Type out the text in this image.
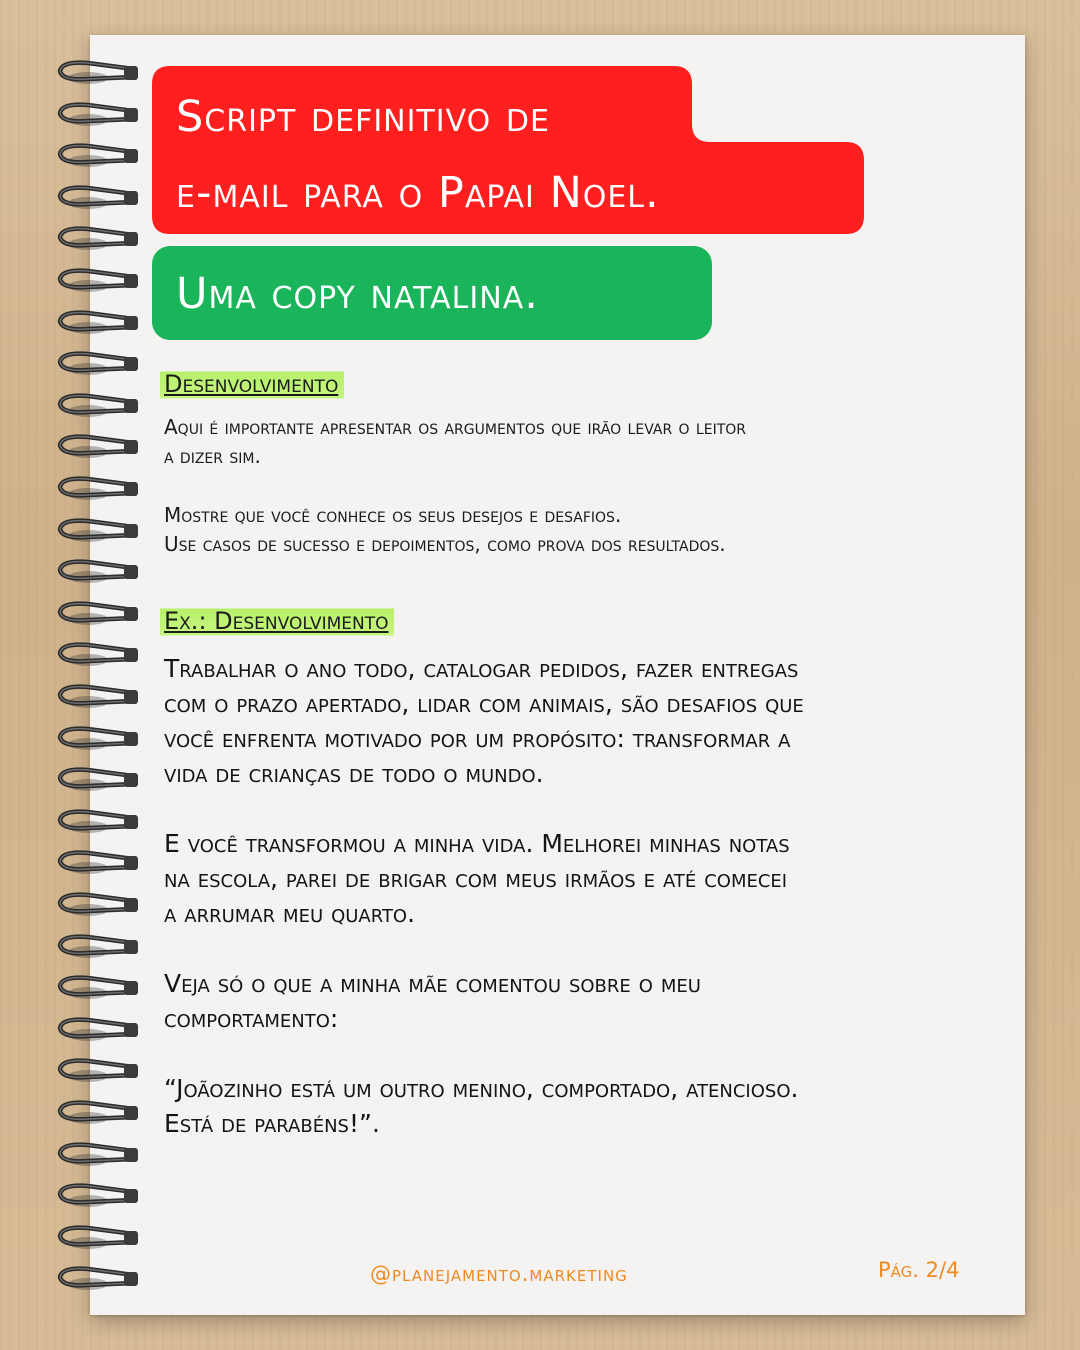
Script definitivo de
e-mail para o Papai Noel.
Uma copy natalina.
Desenvolvimento
Aqui é importante apresentar os argumentos que irão levar o leitor
a dizer sim.
Mostre que você conhece os seus desejos e desafios.
Use casos de sucesso e depoimentos, como prova dos resultados.
Ex.: Desenvolvimento
Trabalhar o ano todo, catalogar pedidos, fazer entregas
com o prazo apertado, lidar com animais, são desafios que
você enfrenta motivado por um propósito: transformar a
vida de crianças de todo o mundo.
E você transformou a minha vida. Melhorei minhas notas
na escola, parei de brigar com meus irmãos e até comecei
a arrumar meu quarto.
Veja só o que a minha mãe comentou sobre o meu
comportamento:
“Joãozinho está um outro menino, comportado, atencioso.
Está de parabéns!”.
@planejamento.marketing	Pág. 2/4
